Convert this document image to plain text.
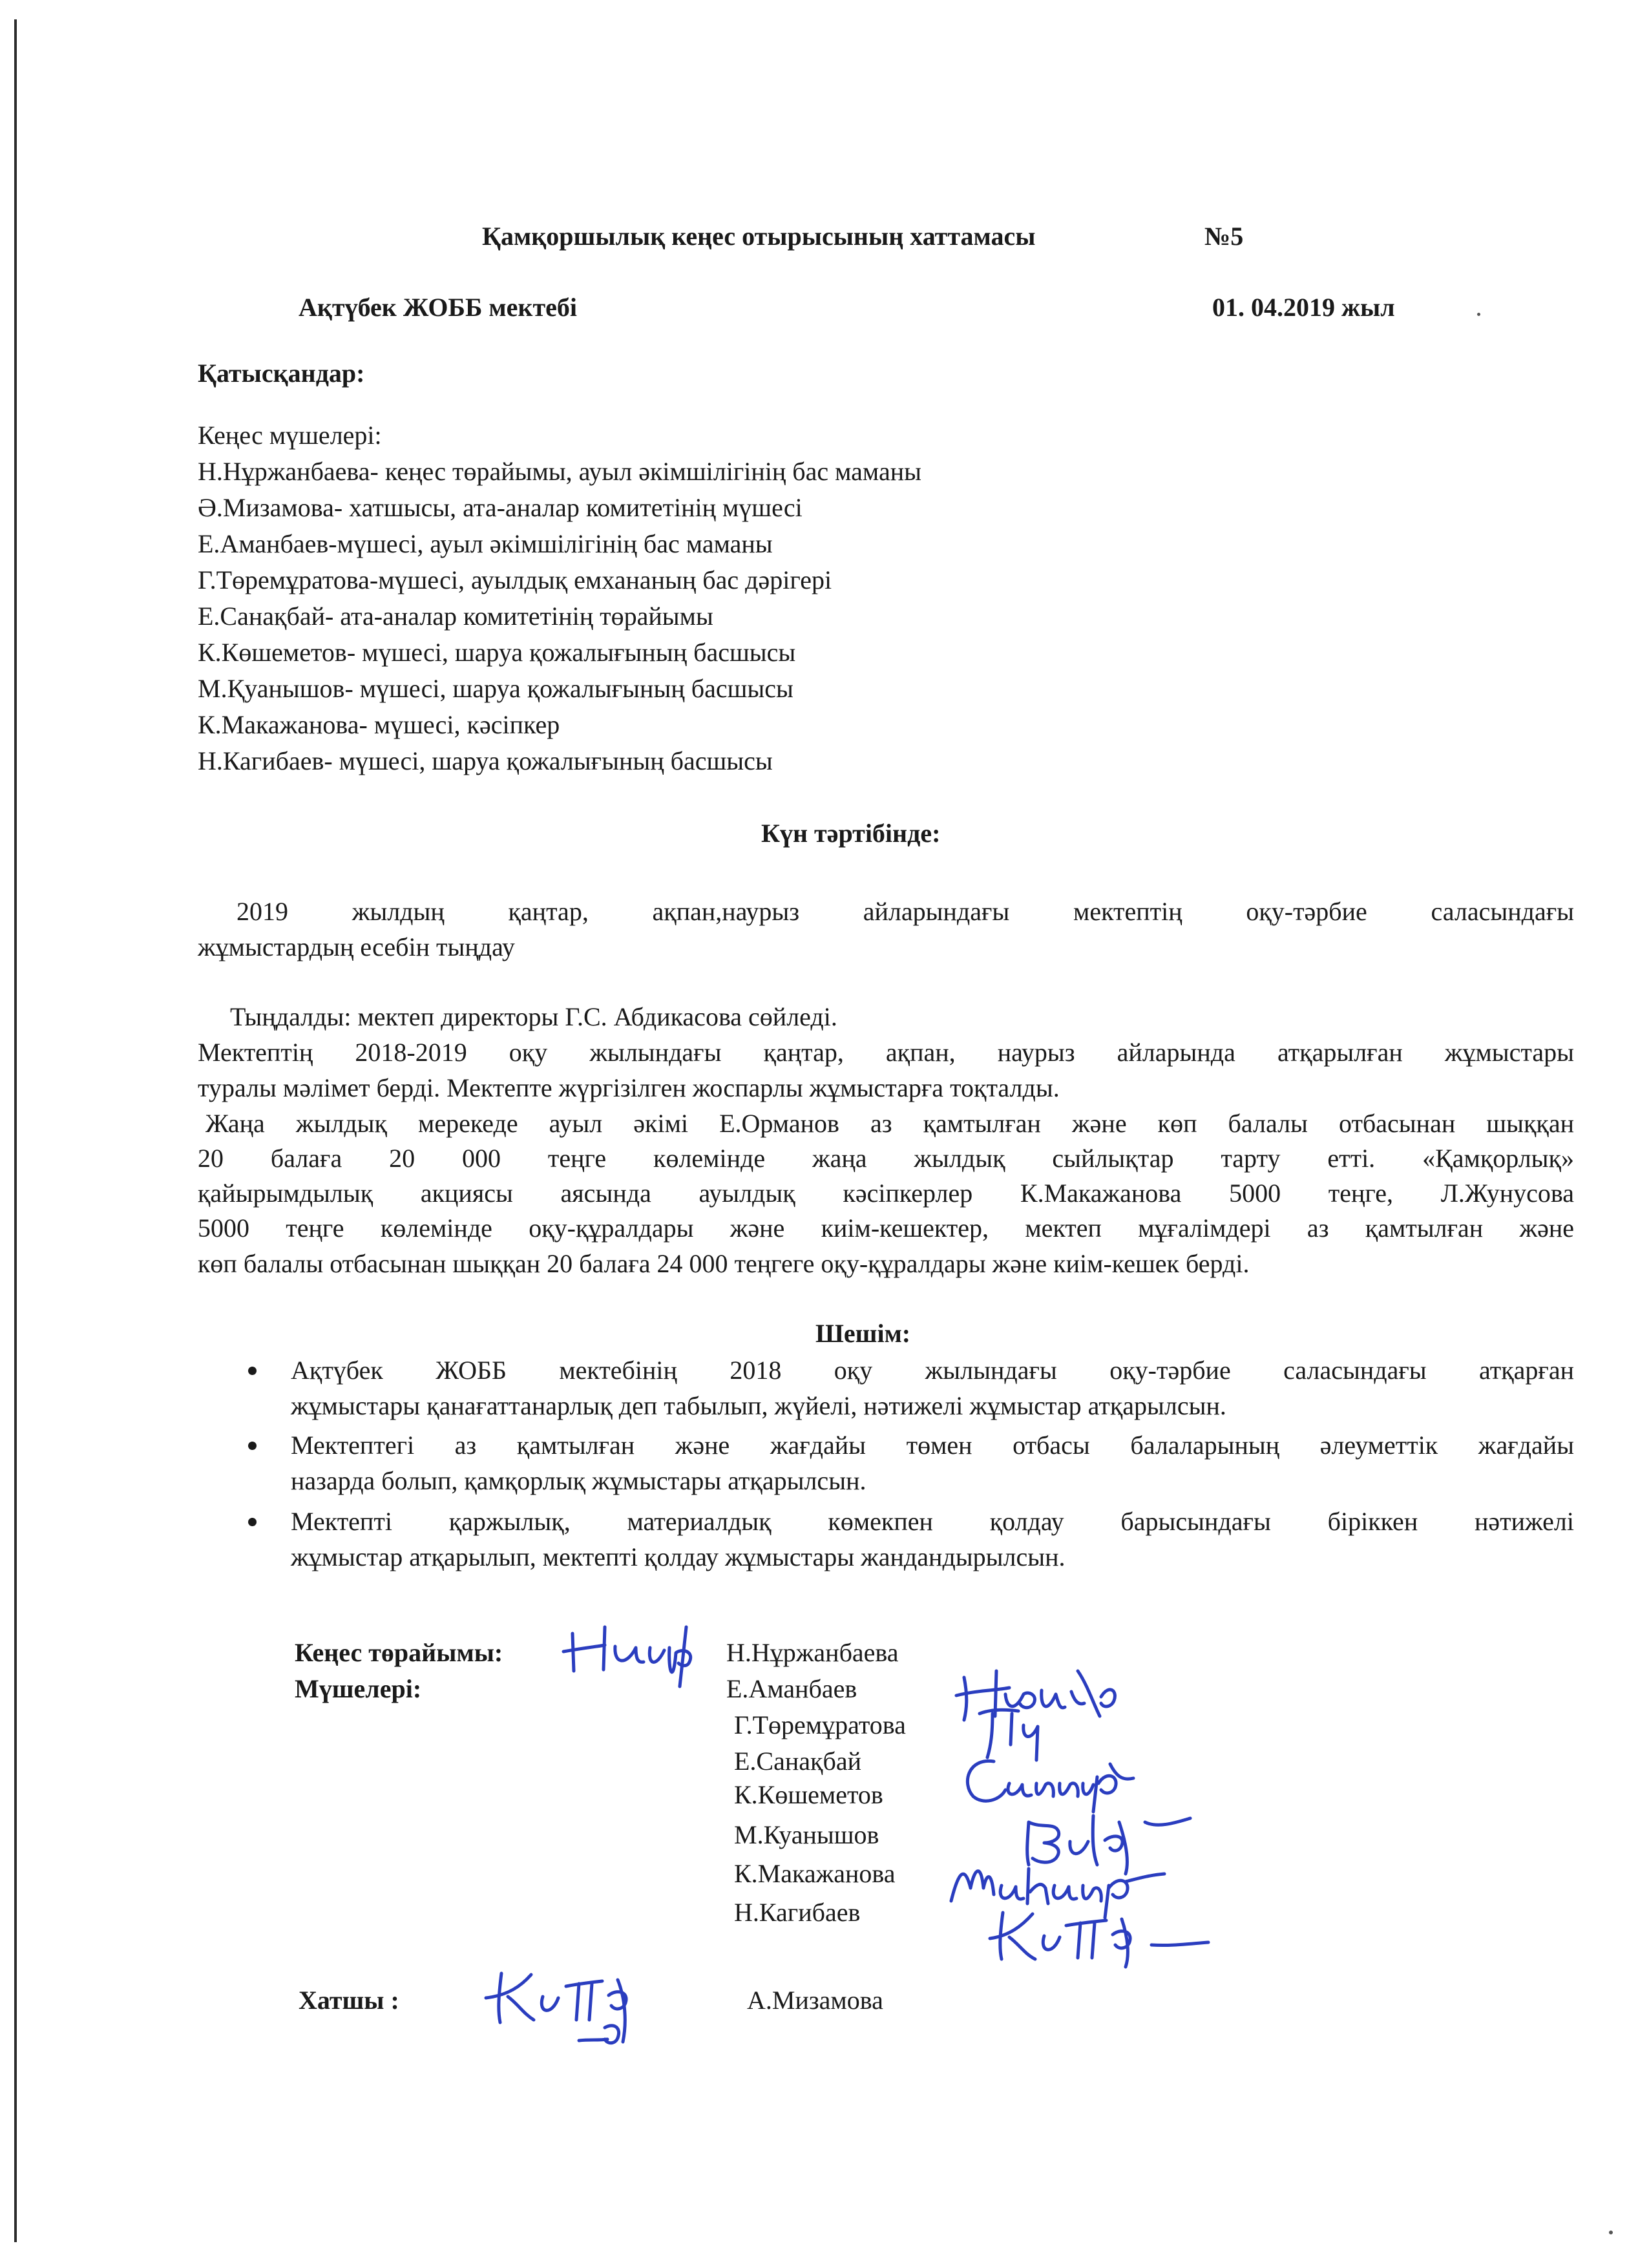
Қамқоршылық кеңес отырысының хаттамасы	№5
Ақтүбек ЖОББ мектебі	01. 04.2019 жыл
Қатысқандар:
Кеңес мүшелері:
Н.Нұржанбаева- кеңес төрайымы, ауыл әкімшілігінің бас маманы
Ә.Мизамова- хатшысы, ата-аналар комитетінің мүшесі
Е.Аманбаев-мүшесі, ауыл әкімшілігінің бас маманы
Г.Төремұратова-мүшесі, ауылдық емхананың бас дәрігері
Е.Санақбай- ата-аналар комитетінің төрайымы
К.Көшеметов- мүшесі, шаруа қожалығының басшысы
М.Қуанышов- мүшесі, шаруа қожалығының басшысы
К.Макажанова- мүшесі, кәсіпкер
Н.Кагибаев- мүшесі, шаруа қожалығының басшысы
Күн тәртібінде:
2019 жылдың қаңтар, ақпан,наурыз айларындағы мектептің оқу-тәрбие саласындағы
жұмыстардың есебін тыңдау
Тыңдалды: мектеп директоры Г.С. Абдикасова сөйледі.
Мектептің 2018-2019 оқу жылындағы қаңтар, ақпан, наурыз айларында атқарылған жұмыстары
туралы мәлімет берді. Мектепте жүргізілген жоспарлы жұмыстарға тоқталды.
Жаңа жылдық мерекеде ауыл әкімі Е.Орманов аз қамтылған және көп балалы отбасынан шыққан
20 балаға 20 000 теңге көлемінде жаңа жылдық сыйлықтар тарту етті. «Қамқорлық»
қайырымдылық акциясы аясында ауылдық кәсіпкерлер К.Макажанова 5000 теңге, Л.Жунусова
5000 теңге көлемінде оқу-құралдары және киім-кешектер, мектеп мұғалімдері аз қамтылған және
көп балалы отбасынан шыққан 20 балаға 24 000 теңгеге оқу-құралдары және киім-кешек берді.
Шешім:
Ақтүбек ЖОББ мектебінің 2018 оқу жылындағы оқу-тәрбие саласындағы атқарған
жұмыстары қанағаттанарлық деп табылып, жүйелі, нәтижелі жұмыстар атқарылсын.
Мектептегі аз қамтылған және жағдайы төмен отбасы балаларының әлеуметтік жағдайы
назарда болып, қамқорлық жұмыстары атқарылсын.
Мектепті қаржылық, материалдық көмекпен қолдау барысындағы біріккен нәтижелі
жұмыстар атқарылып, мектепті қолдау жұмыстары жандандырылсын.
Кеңес төрайымы:	Н.Нұржанбаева
Мүшелері:	Е.Аманбаев
Г.Төремұратова
Е.Санақбай
К.Көшеметов
М.Куанышов
К.Макажанова
Н.Кагибаев
Хатшы :	А.Мизамова
